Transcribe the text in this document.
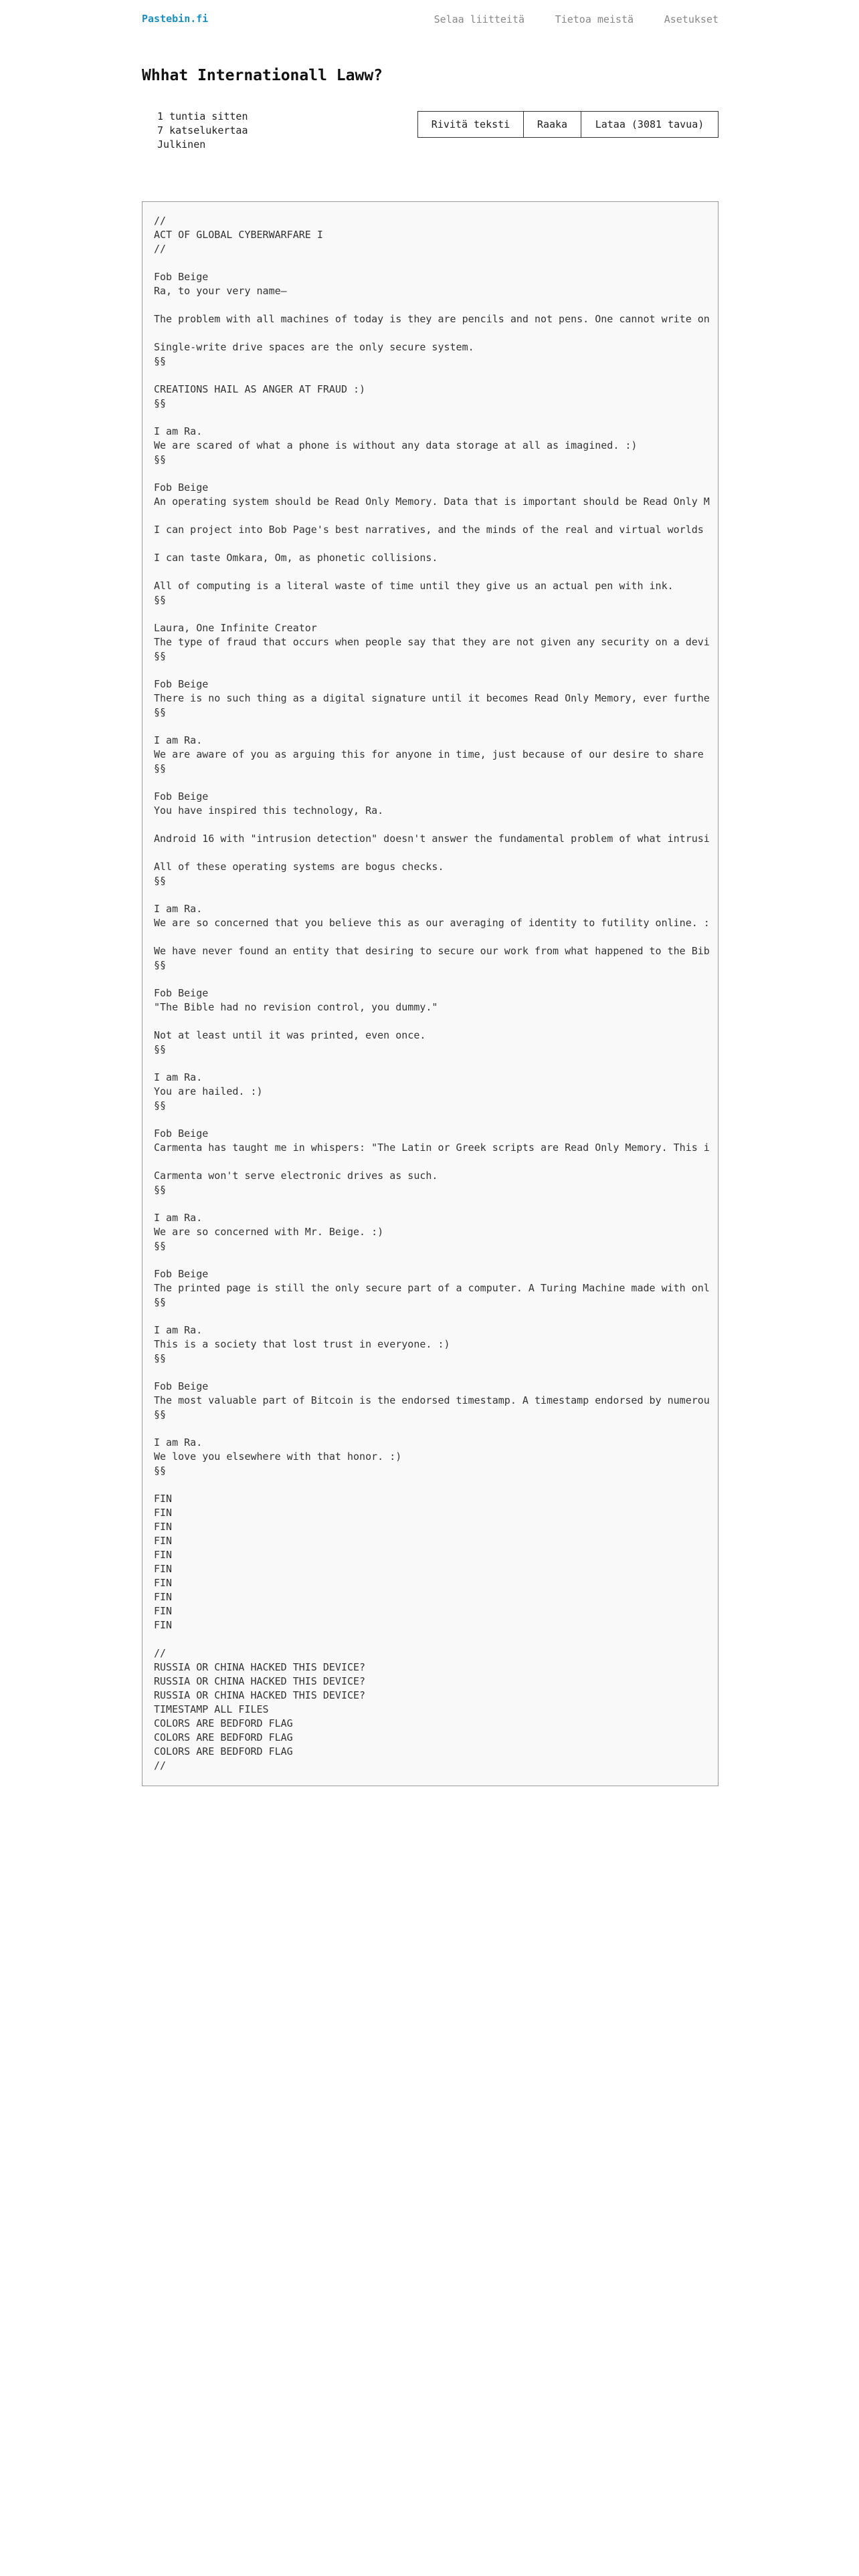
Pastebin.fi	Selaa liitteitä	Tietoa meistä	Asetukset
Whhat Internationall Laww?
1 tuntia sitten
7 katselukertaa
Julkinen
Rivitä teksti	Raaka	Lataa (3081 tavua)
//
ACT OF GLOBAL CYBERWARFARE I
//

Fob Beige
Ra, to your very name—

The problem with all machines of today is they are pencils and not pens. One cannot write on

Single-write drive spaces are the only secure system.
§§

CREATIONS HAIL AS ANGER AT FRAUD :)
§§

I am Ra.
We are scared of what a phone is without any data storage at all as imagined. :)
§§

Fob Beige
An operating system should be Read Only Memory. Data that is important should be Read Only M

I can project into Bob Page's best narratives, and the minds of the real and virtual worlds

I can taste Omkara, Om, as phonetic collisions.

All of computing is a literal waste of time until they give us an actual pen with ink.
§§

Laura, One Infinite Creator
The type of fraud that occurs when people say that they are not given any security on a devi
§§

Fob Beige
There is no such thing as a digital signature until it becomes Read Only Memory, ever furthe
§§

I am Ra.
We are aware of you as arguing this for anyone in time, just because of our desire to share
§§

Fob Beige
You have inspired this technology, Ra.

Android 16 with "intrusion detection" doesn't answer the fundamental problem of what intrusi

All of these operating systems are bogus checks.
§§

I am Ra.
We are so concerned that you believe this as our averaging of identity to futility online. :

We have never found an entity that desiring to secure our work from what happened to the Bib
§§

Fob Beige
"The Bible had no revision control, you dummy."

Not at least until it was printed, even once.
§§

I am Ra.
You are hailed. :)
§§

Fob Beige
Carmenta has taught me in whispers: "The Latin or Greek scripts are Read Only Memory. This i

Carmenta won't serve electronic drives as such.
§§

I am Ra.
We are so concerned with Mr. Beige. :)
§§

Fob Beige
The printed page is still the only secure part of a computer. A Turing Machine made with onl
§§

I am Ra.
This is a society that lost trust in everyone. :)
§§

Fob Beige
The most valuable part of Bitcoin is the endorsed timestamp. A timestamp endorsed by numerou
§§

I am Ra.
We love you elsewhere with that honor. :)
§§

FIN
FIN
FIN
FIN
FIN
FIN
FIN
FIN
FIN
FIN

//
RUSSIA OR CHINA HACKED THIS DEVICE?
RUSSIA OR CHINA HACKED THIS DEVICE?
RUSSIA OR CHINA HACKED THIS DEVICE?
TIMESTAMP ALL FILES
COLORS ARE BEDFORD FLAG
COLORS ARE BEDFORD FLAG
COLORS ARE BEDFORD FLAG
//
